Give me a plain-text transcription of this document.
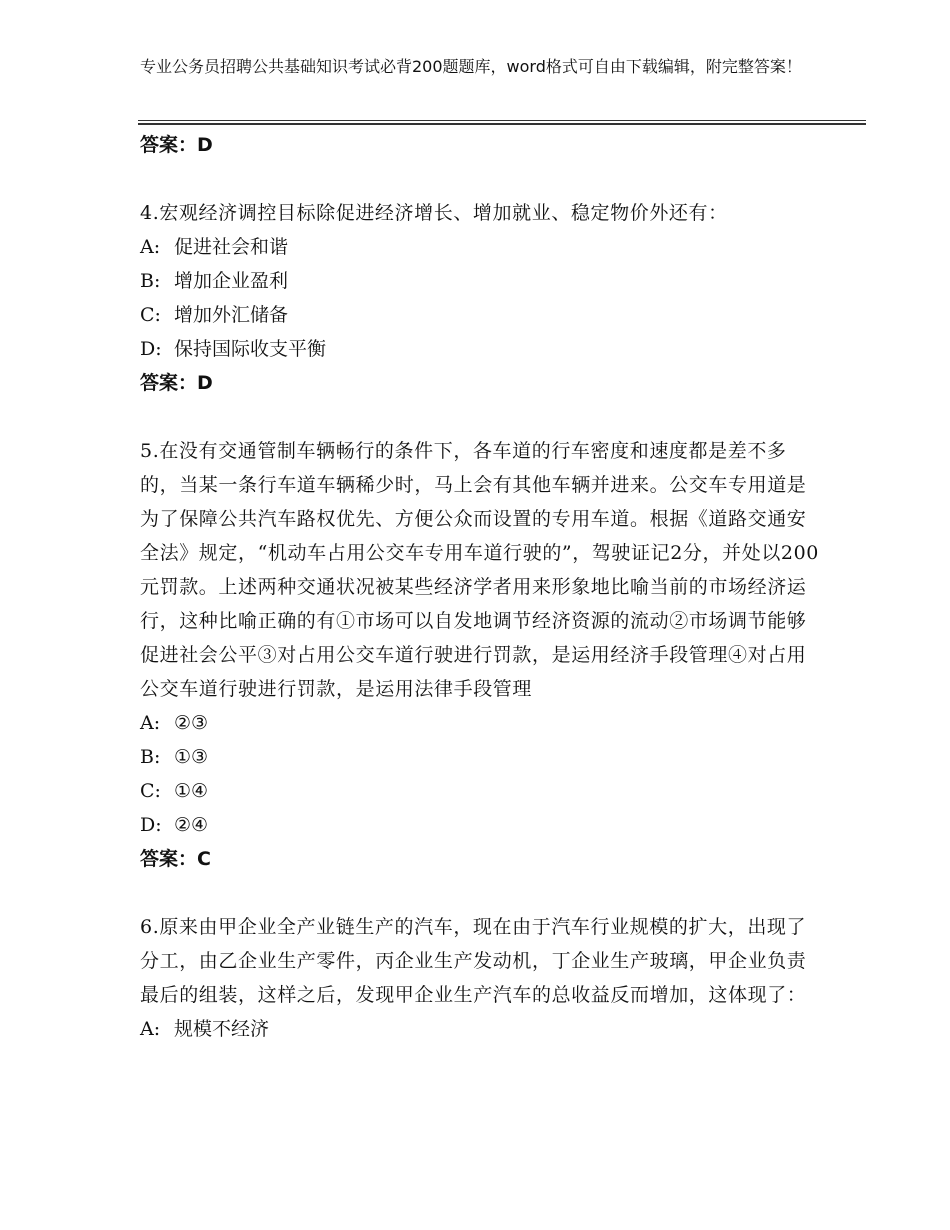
专业公务员招聘公共基础知识考试必背200题题库，word格式可自由下载编辑，附完整答案！

答案：D

4.宏观经济调控目标除促进经济增长、增加就业、稳定物价外还有：

A: 促进社会和谐

B: 增加企业盈利

C: 增加外汇储备

D: 保持国际收支平衡

答案：D

5.在没有交通管制车辆畅行的条件下，各车道的行车密度和速度都是差不多的，当某一条行车道车辆稀少时，马上会有其他车辆并进来。公交车专用道是为了保障公共汽车路权优先、方便公众而设置的专用车道。根据《道路交通安全法》规定，“机动车占用公交车专用车道行驶的”，驾驶证记2分，并处以200元罚款。上述两种交通状况被某些经济学者用来形象地比喻当前的市场经济运行，这种比喻正确的有①市场可以自发地调节经济资源的流动②市场调节能够促进社会公平③对占用公交车道行驶进行罚款，是运用经济手段管理④对占用公交车道行驶进行罚款，是运用法律手段管理

A: ②③

B: ①③

C: ①④

D: ②④

答案：C

6.原来由甲企业全产业链生产的汽车，现在由于汽车行业规模的扩大，出现了分工，由乙企业生产零件，丙企业生产发动机，丁企业生产玻璃，甲企业负责最后的组装，这样之后，发现甲企业生产汽车的总收益反而增加，这体现了：

A: 规模不经济
